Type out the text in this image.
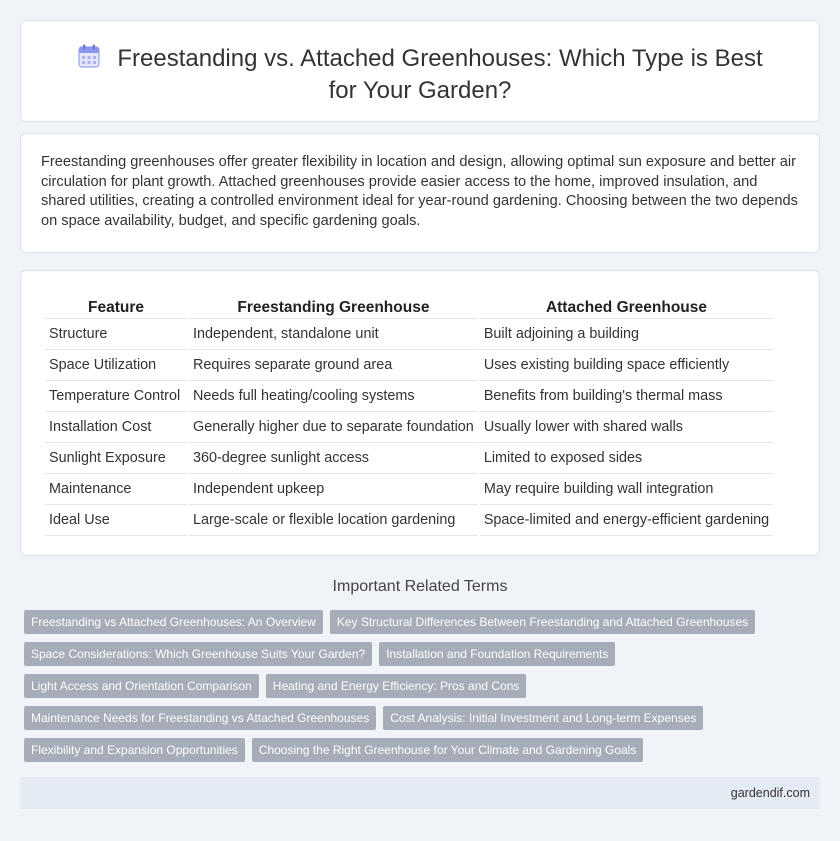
Freestanding vs. Attached Greenhouses: Which Type is Best for Your Garden?

Freestanding greenhouses offer greater flexibility in location and design, allowing optimal sun exposure and better air circulation for plant growth. Attached greenhouses provide easier access to the home, improved insulation, and shared utilities, creating a controlled environment ideal for year-round gardening. Choosing between the two depends on space availability, budget, and specific gardening goals.

Feature	Freestanding Greenhouse	Attached Greenhouse
Structure	Independent, standalone unit	Built adjoining a building
Space Utilization	Requires separate ground area	Uses existing building space efficiently
Temperature Control	Needs full heating/cooling systems	Benefits from building's thermal mass
Installation Cost	Generally higher due to separate foundation	Usually lower with shared walls
Sunlight Exposure	360-degree sunlight access	Limited to exposed sides
Maintenance	Independent upkeep	May require building wall integration
Ideal Use	Large-scale or flexible location gardening	Space-limited and energy-efficient gardening
Important Related Terms
Freestanding vs Attached Greenhouses: An Overview	Key Structural Differences Between Freestanding and Attached Greenhouses
Space Considerations: Which Greenhouse Suits Your Garden?	Installation and Foundation Requirements
Light Access and Orientation Comparison	Heating and Energy Efficiency: Pros and Cons
Maintenance Needs for Freestanding vs Attached Greenhouses	Cost Analysis: Initial Investment and Long-term Expenses
Flexibility and Expansion Opportunities	Choosing the Right Greenhouse for Your Climate and Gardening Goals
gardendif.com
